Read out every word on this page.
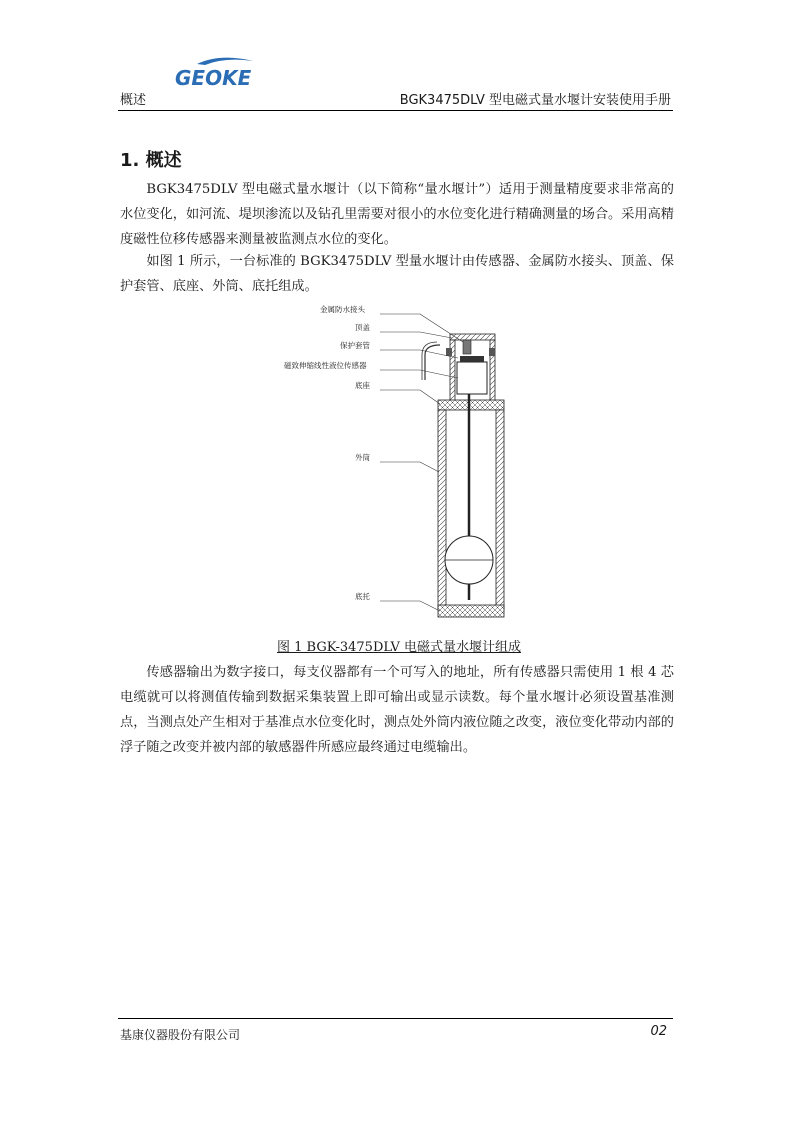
概述
GEOKE
BGK3475DLV 型电磁式量水堰计安装使用手册
1. 概述
BGK3475DLV 型电磁式量水堰计（以下简称“量水堰计”）适用于测量精度要求非常高的水位变化，如河流、堤坝渗流以及钻孔里需要对很小的水位变化进行精确测量的场合。采用高精度磁性位移传感器来测量被监测点水位的变化。
如图 1 所示，一台标准的 BGK3475DLV 型量水堰计由传感器、金属防水接头、顶盖、保护套管、底座、外筒、底托组成。
金属防水接头
顶盖
保护套管
磁致伸缩线性液位传感器
底座
外筒
底托
图 1 BGK-3475DLV 电磁式量水堰计组成
传感器输出为数字接口，每支仪器都有一个可写入的地址，所有传感器只需使用 1 根 4 芯电缆就可以将测值传输到数据采集装置上即可输出或显示读数。每个量水堰计必须设置基准测点，当测点处产生相对于基准点水位变化时，测点处外筒内液位随之改变，液位变化带动内部的浮子随之改变并被内部的敏感器件所感应最终通过电缆输出。
基康仪器股份有限公司	02
